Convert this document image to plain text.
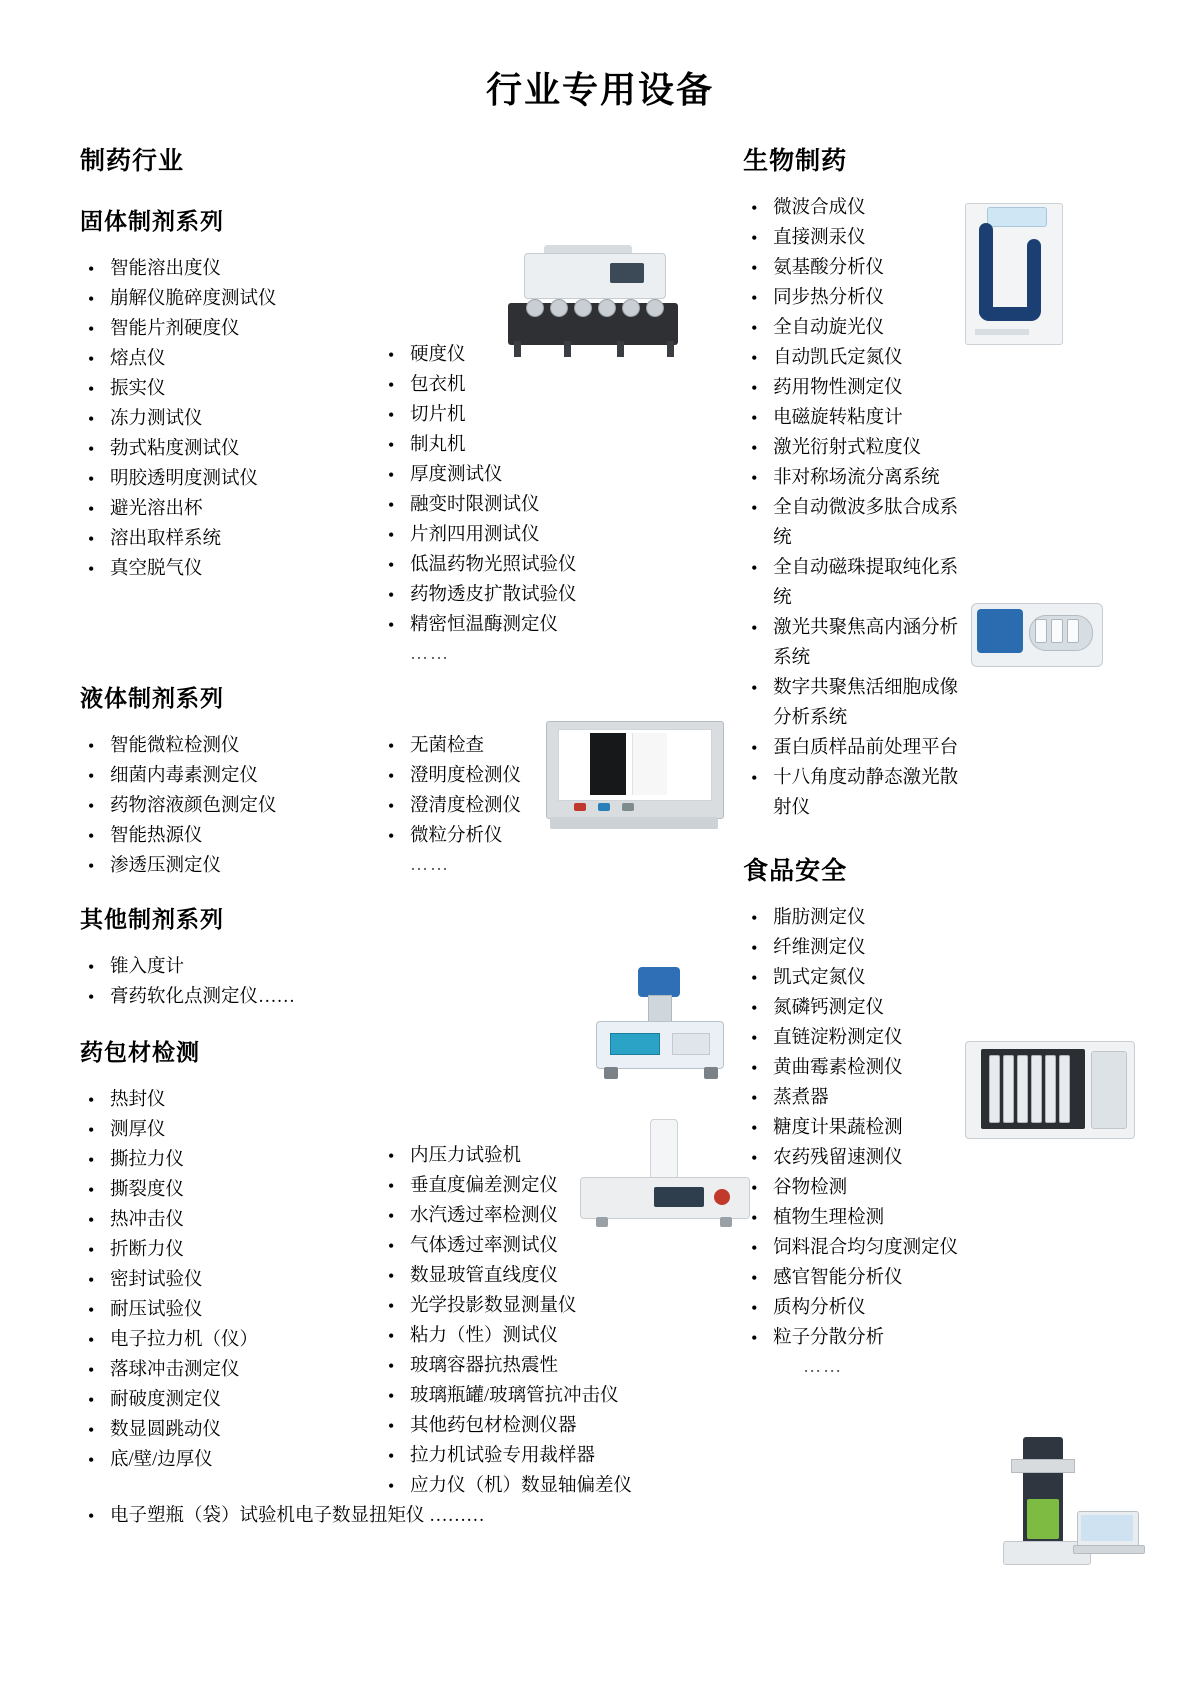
行业专用设备
制药行业
固体制剂系列
• 智能溶出度仪
• 崩解仪脆碎度测试仪
• 智能片剂硬度仪
• 熔点仪
• 振实仪
• 冻力测试仪
• 勃式粘度测试仪
• 明胶透明度测试仪
• 避光溶出杯
• 溶出取样系统
• 真空脱气仪
• 硬度仪
• 包衣机
• 切片机
• 制丸机
• 厚度测试仪
• 融变时限测试仪
• 片剂四用测试仪
• 低温药物光照试验仪
• 药物透皮扩散试验仪
• 精密恒温酶测定仪
……
液体制剂系列
• 智能微粒检测仪
• 细菌内毒素测定仪
• 药物溶液颜色测定仪
• 智能热源仪
• 渗透压测定仪
• 无菌检查
• 澄明度检测仪
• 澄清度检测仪
• 微粒分析仪
……
其他制剂系列
• 锥入度计
• 膏药软化点测定仪……
药包材检测
• 热封仪
• 测厚仪
• 撕拉力仪
• 撕裂度仪
• 热冲击仪
• 折断力仪
• 密封试验仪
• 耐压试验仪
• 电子拉力机（仪）
• 落球冲击测定仪
• 耐破度测定仪
• 数显圆跳动仪
• 底/壁/边厚仪
• 内压力试验机
• 垂直度偏差测定仪
• 水汽透过率检测仪
• 气体透过率测试仪
• 数显玻管直线度仪
• 光学投影数显测量仪
• 粘力（性）测试仪
• 玻璃容器抗热震性
• 玻璃瓶罐/玻璃管抗冲击仪
• 其他药包材检测仪器
• 拉力机试验专用裁样器
• 应力仪（机）数显轴偏差仪
• 电子塑瓶（袋）试验机电子数显扭矩仪 ………
生物制药
• 微波合成仪
• 直接测汞仪
• 氨基酸分析仪
• 同步热分析仪
• 全自动旋光仪
• 自动凯氏定氮仪
• 药用物性测定仪
• 电磁旋转粘度计
• 激光衍射式粒度仪
• 非对称场流分离系统
• 全自动微波多肽合成系统
• 全自动磁珠提取纯化系统
• 激光共聚焦高内涵分析系统
• 数字共聚焦活细胞成像分析系统
• 蛋白质样品前处理平台
• 十八角度动静态激光散射仪
食品安全
• 脂肪测定仪
• 纤维测定仪
• 凯式定氮仪
• 氮磷钙测定仪
• 直链淀粉测定仪
• 黄曲霉素检测仪
• 蒸煮器
• 糖度计果蔬检测
• 农药残留速测仪
• 谷物检测
• 植物生理检测
• 饲料混合均匀度测定仪
• 感官智能分析仪
• 质构分析仪
• 粒子分散分析
……
